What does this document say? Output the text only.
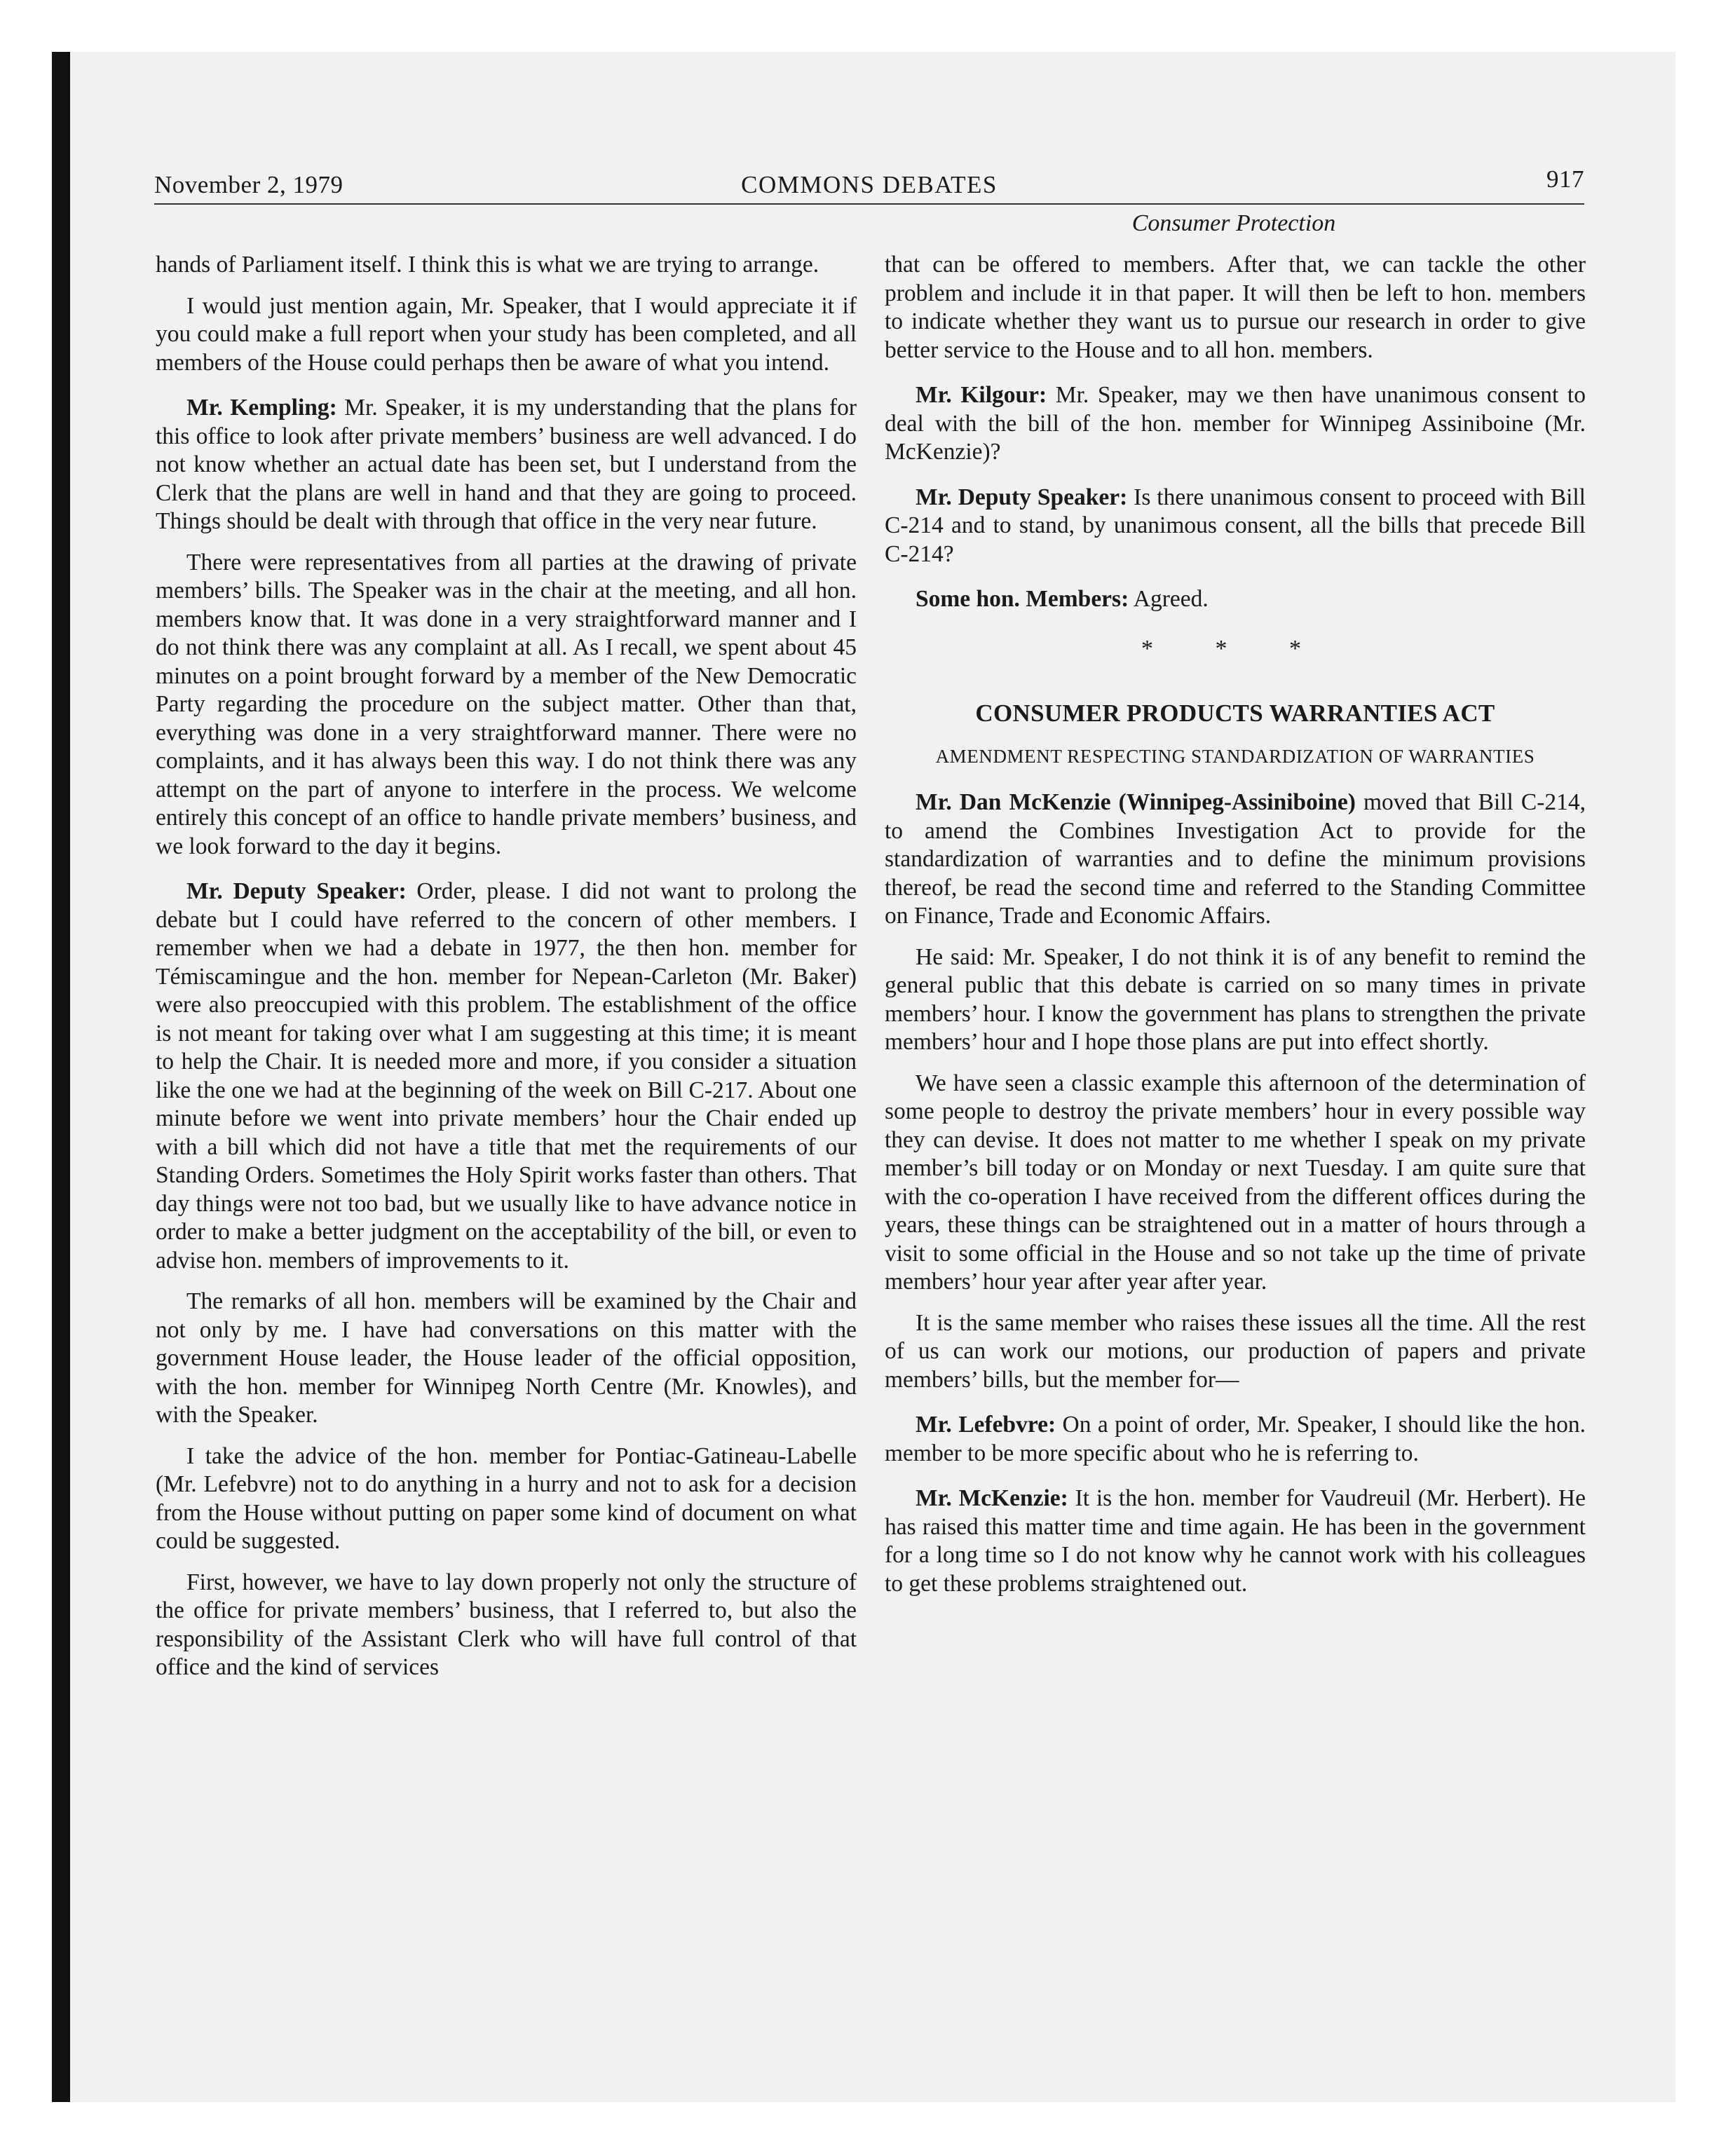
November 2, 1979	COMMONS DEBATES	917
Consumer Protection

hands of Parliament itself. I think this is what we are trying to arrange.

I would just mention again, Mr. Speaker, that I would appreciate it if you could make a full report when your study has been completed, and all members of the House could perhaps then be aware of what you intend.

Mr. Kempling: Mr. Speaker, it is my understanding that the plans for this office to look after private members’ business are well advanced. I do not know whether an actual date has been set, but I understand from the Clerk that the plans are well in hand and that they are going to proceed. Things should be dealt with through that office in the very near future.

There were representatives from all parties at the drawing of private members’ bills. The Speaker was in the chair at the meeting, and all hon. members know that. It was done in a very straightforward manner and I do not think there was any complaint at all. As I recall, we spent about 45 minutes on a point brought forward by a member of the New Democratic Party regarding the procedure on the subject matter. Other than that, everything was done in a very straightforward manner. There were no complaints, and it has always been this way. I do not think there was any attempt on the part of anyone to interfere in the process. We welcome entirely this concept of an office to handle private members’ business, and we look forward to the day it begins.

Mr. Deputy Speaker: Order, please. I did not want to prolong the debate but I could have referred to the concern of other members. I remember when we had a debate in 1977, the then hon. member for Témiscamingue and the hon. member for Nepean-Carleton (Mr. Baker) were also preoccupied with this problem. The establishment of the office is not meant for taking over what I am suggesting at this time; it is meant to help the Chair. It is needed more and more, if you consider a situation like the one we had at the beginning of the week on Bill C-217. About one minute before we went into private members’ hour the Chair ended up with a bill which did not have a title that met the requirements of our Standing Orders. Sometimes the Holy Spirit works faster than others. That day things were not too bad, but we usually like to have advance notice in order to make a better judgment on the acceptability of the bill, or even to advise hon. members of improvements to it.

The remarks of all hon. members will be examined by the Chair and not only by me. I have had conversations on this matter with the government House leader, the House leader of the official opposition, with the hon. member for Winnipeg North Centre (Mr. Knowles), and with the Speaker.

I take the advice of the hon. member for Pontiac-Gatineau-Labelle (Mr. Lefebvre) not to do anything in a hurry and not to ask for a decision from the House without putting on paper some kind of document on what could be suggested.

First, however, we have to lay down properly not only the structure of the office for private members’ business, that I referred to, but also the responsibility of the Assistant Clerk who will have full control of that office and the kind of services

that can be offered to members. After that, we can tackle the other problem and include it in that paper. It will then be left to hon. members to indicate whether they want us to pursue our research in order to give better service to the House and to all hon. members.

Mr. Kilgour: Mr. Speaker, may we then have unanimous consent to deal with the bill of the hon. member for Winnipeg Assiniboine (Mr. McKenzie)?

Mr. Deputy Speaker: Is there unanimous consent to proceed with Bill C-214 and to stand, by unanimous consent, all the bills that precede Bill C-214?

Some hon. Members: Agreed.

* * *
CONSUMER PRODUCTS WARRANTIES ACT
AMENDMENT RESPECTING STANDARDIZATION OF WARRANTIES

Mr. Dan McKenzie (Winnipeg-Assiniboine) moved that Bill C-214, to amend the Combines Investigation Act to provide for the standardization of warranties and to define the minimum provisions thereof, be read the second time and referred to the Standing Committee on Finance, Trade and Economic Affairs.

He said: Mr. Speaker, I do not think it is of any benefit to remind the general public that this debate is carried on so many times in private members’ hour. I know the government has plans to strengthen the private members’ hour and I hope those plans are put into effect shortly.

We have seen a classic example this afternoon of the determination of some people to destroy the private members’ hour in every possible way they can devise. It does not matter to me whether I speak on my private member’s bill today or on Monday or next Tuesday. I am quite sure that with the co-operation I have received from the different offices during the years, these things can be straightened out in a matter of hours through a visit to some official in the House and so not take up the time of private members’ hour year after year after year.

It is the same member who raises these issues all the time. All the rest of us can work our motions, our production of papers and private members’ bills, but the member for—

Mr. Lefebvre: On a point of order, Mr. Speaker, I should like the hon. member to be more specific about who he is referring to.

Mr. McKenzie: It is the hon. member for Vaudreuil (Mr. Herbert). He has raised this matter time and time again. He has been in the government for a long time so I do not know why he cannot work with his colleagues to get these problems straightened out.
